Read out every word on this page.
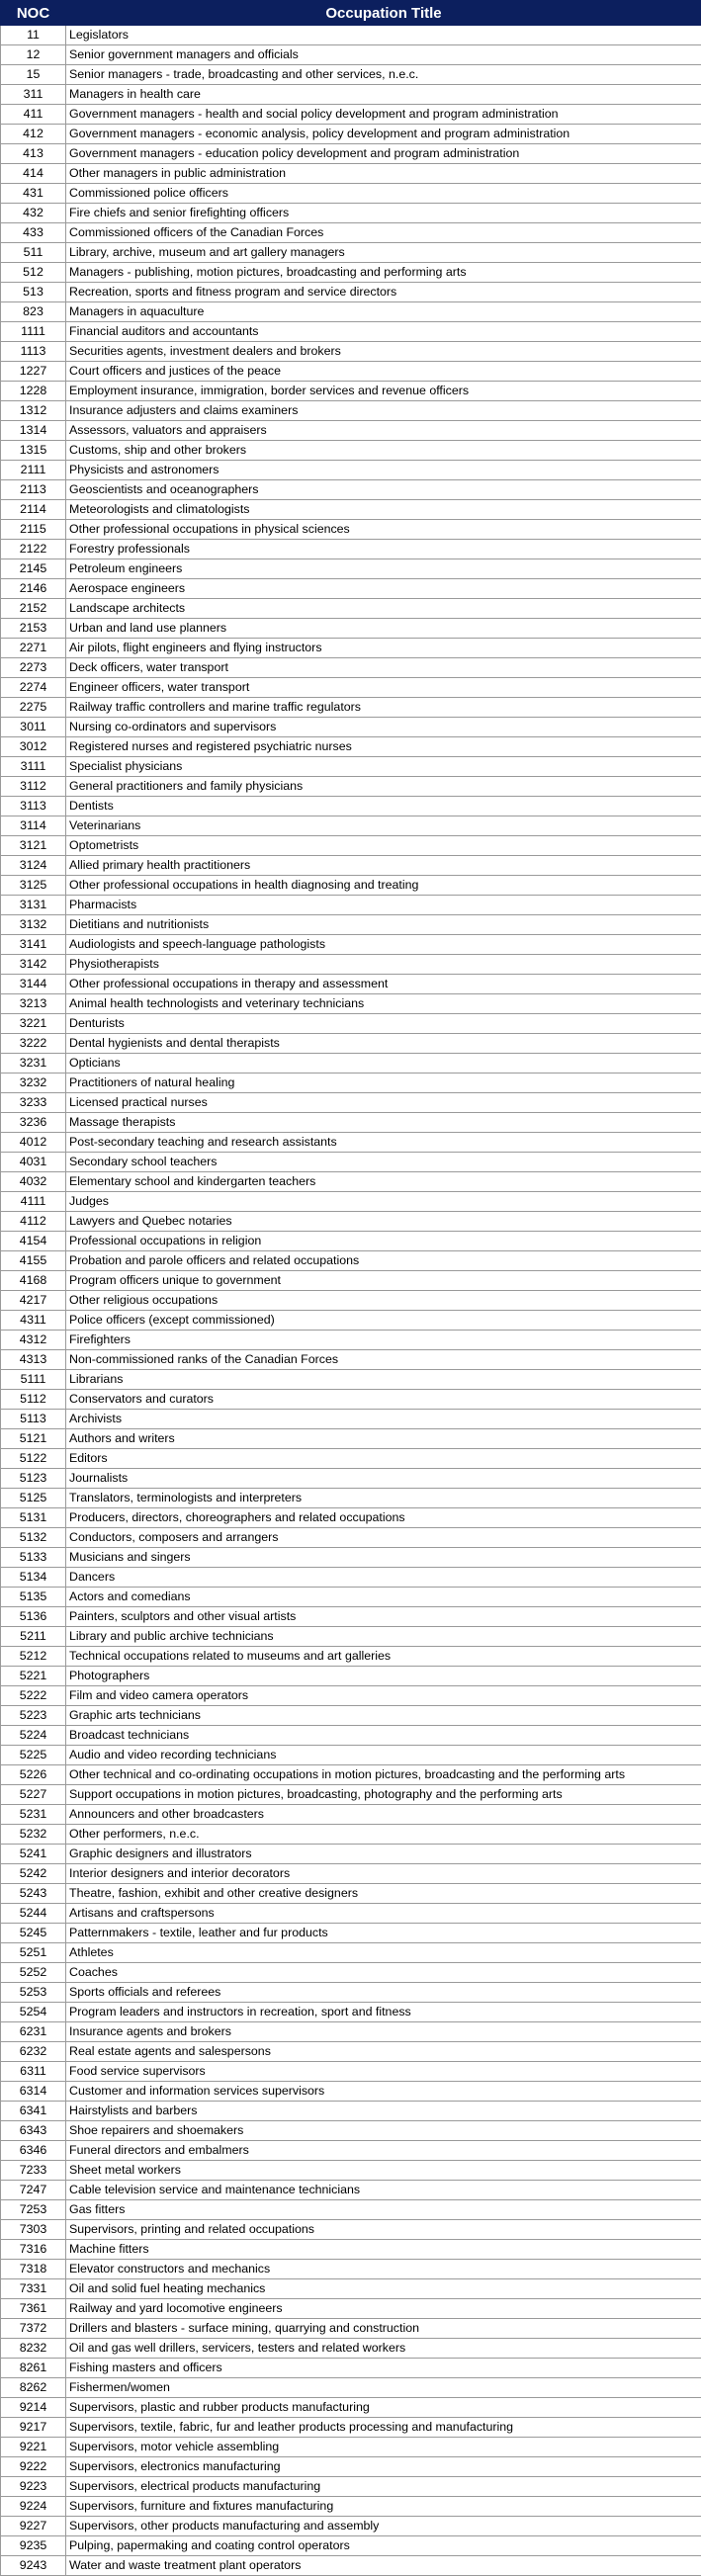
NOC	Occupation Title
11	Legislators
12	Senior government managers and officials
15	Senior managers - trade, broadcasting and other services, n.e.c.
311	Managers in health care
411	Government managers - health and social policy development and program administration
412	Government managers - economic analysis, policy development and program administration
413	Government managers - education policy development and program administration
414	Other managers in public administration
431	Commissioned police officers
432	Fire chiefs and senior firefighting officers
433	Commissioned officers of the Canadian Forces
511	Library, archive, museum and art gallery managers
512	Managers - publishing, motion pictures, broadcasting and performing arts
513	Recreation, sports and fitness program and service directors
823	Managers in aquaculture
1111	Financial auditors and accountants
1113	Securities agents, investment dealers and brokers
1227	Court officers and justices of the peace
1228	Employment insurance, immigration, border services and revenue officers
1312	Insurance adjusters and claims examiners
1314	Assessors, valuators and appraisers
1315	Customs, ship and other brokers
2111	Physicists and astronomers
2113	Geoscientists and oceanographers
2114	Meteorologists and climatologists
2115	Other professional occupations in physical sciences
2122	Forestry professionals
2145	Petroleum engineers
2146	Aerospace engineers
2152	Landscape architects
2153	Urban and land use planners
2271	Air pilots, flight engineers and flying instructors
2273	Deck officers, water transport
2274	Engineer officers, water transport
2275	Railway traffic controllers and marine traffic regulators
3011	Nursing co-ordinators and supervisors
3012	Registered nurses and registered psychiatric nurses
3111	Specialist physicians
3112	General practitioners and family physicians
3113	Dentists
3114	Veterinarians
3121	Optometrists
3124	Allied primary health practitioners
3125	Other professional occupations in health diagnosing and treating
3131	Pharmacists
3132	Dietitians and nutritionists
3141	Audiologists and speech-language pathologists
3142	Physiotherapists
3144	Other professional occupations in therapy and assessment
3213	Animal health technologists and veterinary technicians
3221	Denturists
3222	Dental hygienists and dental therapists
3231	Opticians
3232	Practitioners of natural healing
3233	Licensed practical nurses
3236	Massage therapists
4012	Post-secondary teaching and research assistants
4031	Secondary school teachers
4032	Elementary school and kindergarten teachers
4111	Judges
4112	Lawyers and Quebec notaries
4154	Professional occupations in religion
4155	Probation and parole officers and related occupations
4168	Program officers unique to government
4217	Other religious occupations
4311	Police officers (except commissioned)
4312	Firefighters
4313	Non-commissioned ranks of the Canadian Forces
5111	Librarians
5112	Conservators and curators
5113	Archivists
5121	Authors and writers
5122	Editors
5123	Journalists
5125	Translators, terminologists and interpreters
5131	Producers, directors, choreographers and related occupations
5132	Conductors, composers and arrangers
5133	Musicians and singers
5134	Dancers
5135	Actors and comedians
5136	Painters, sculptors and other visual artists
5211	Library and public archive technicians
5212	Technical occupations related to museums and art galleries
5221	Photographers
5222	Film and video camera operators
5223	Graphic arts technicians
5224	Broadcast technicians
5225	Audio and video recording technicians
5226	Other technical and co-ordinating occupations in motion pictures, broadcasting and the performing arts
5227	Support occupations in motion pictures, broadcasting, photography and the performing arts
5231	Announcers and other broadcasters
5232	Other performers, n.e.c.
5241	Graphic designers and illustrators
5242	Interior designers and interior decorators
5243	Theatre, fashion, exhibit and other creative designers
5244	Artisans and craftspersons
5245	Patternmakers - textile, leather and fur products
5251	Athletes
5252	Coaches
5253	Sports officials and referees
5254	Program leaders and instructors in recreation, sport and fitness
6231	Insurance agents and brokers
6232	Real estate agents and salespersons
6311	Food service supervisors
6314	Customer and information services supervisors
6341	Hairstylists and barbers
6343	Shoe repairers and shoemakers
6346	Funeral directors and embalmers
7233	Sheet metal workers
7247	Cable television service and maintenance technicians
7253	Gas fitters
7303	Supervisors, printing and related occupations
7316	Machine fitters
7318	Elevator constructors and mechanics
7331	Oil and solid fuel heating mechanics
7361	Railway and yard locomotive engineers
7372	Drillers and blasters - surface mining, quarrying and construction
8232	Oil and gas well drillers, servicers, testers and related workers
8261	Fishing masters and officers
8262	Fishermen/women
9214	Supervisors, plastic and rubber products manufacturing
9217	Supervisors, textile, fabric, fur and leather products processing and manufacturing
9221	Supervisors, motor vehicle assembling
9222	Supervisors, electronics manufacturing
9223	Supervisors, electrical products manufacturing
9224	Supervisors, furniture and fixtures manufacturing
9227	Supervisors, other products manufacturing and assembly
9235	Pulping, papermaking and coating control operators
9243	Water and waste treatment plant operators
